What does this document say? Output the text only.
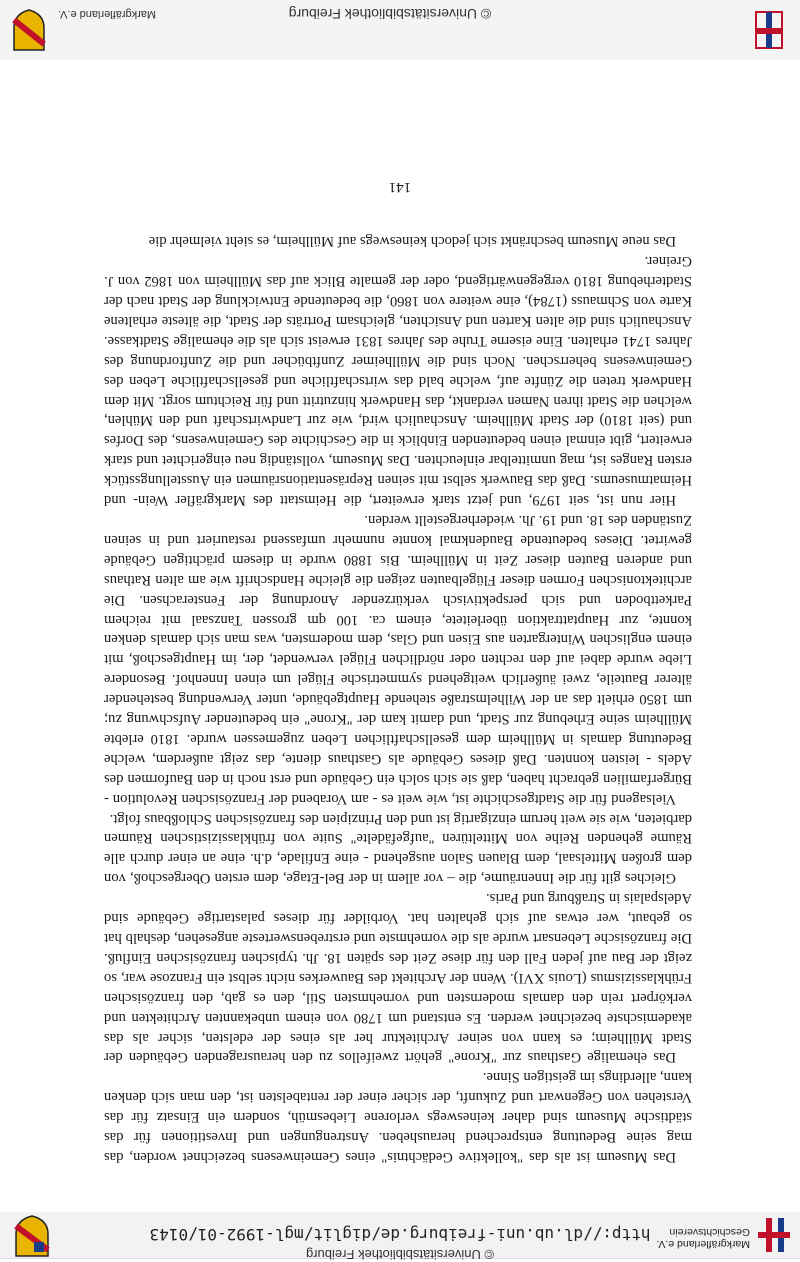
© Universitätsbibliothek Freiburg
Markgräflerland e.V.

Das Museum ist als das "kollektive Gedächtnis" eines Gemeinwesens bezeichnet worden, das mag seine Bedeutung entsprechend herausheben. Anstrengungen und Investitionen für das städtische Museum sind daher keineswegs verlorene Liebesmüh, sondern ein Einsatz für das Verstehen von Gegenwart und Zukunft, der sicher einer der rentabelsten ist, den man sich denken kann, allerdings im geistigen Sinne.

Das ehemalige Gasthaus zur "Krone" gehört zweifellos zu den herausragenden Gebäuden der Stadt Müllheim; es kann von seiner Architektur her als eines der edelsten, sicher als das akademischste bezeichnet werden. Es entstand um 1780 von einem unbekannten Architekten und verkörpert rein den damals modernsten und vornehmsten Stil, den es gab, den französischen Frühklassizismus (Louis XVI). Wenn der Architekt des Bauwerkes nicht selbst ein Franzose war, so zeigt der Bau auf jeden Fall den für diese Zeit des späten 18. Jh. typischen französischen Einfluß. Die französische Lebensart wurde als die vornehmste und erstrebenswerteste angesehen, deshalb hat so gebaut, wer etwas auf sich gehalten hat. Vorbilder für dieses palastartige Gebäude sind Adelspalais in Straßburg und Paris.

Gleiches gilt für die Innenräume, die – vor allem in der Bel-Etage, dem ersten Obergeschoß, von dem großen Mittelsaal, dem Blauen Salon ausgehend - eine Enfilade, d.h. eine an einer durch alle Räume gehenden Reihe von Mitteltüren "aufgefädelte" Suite von frühklassizistischen Räumen darbieten, wie sie weit herum einzigartig ist und den Prinzipien des französischen Schloßbaus folgt.

Vielsagend für die Stadtgeschichte ist, wie weit es - am Vorabend der Französischen Revolution - Bürgerfamilien gebracht haben, daß sie sich solch ein Gebäude und erst noch in den Bauformen des Adels - leisten konnten. Daß dieses Gebäude als Gasthaus diente, das zeigt außerdem, welche Bedeutung damals in Müllheim dem gesellschaftlichen Leben zugemessen wurde. 1810 erlebte Müllheim seine Erhebung zur Stadt, und damit kam der "Krone" ein bedeutender Aufschwung zu; um 1850 erhielt das an der Wilhelmstraße stehende Hauptgebäude, unter Verwendung bestehender älterer Bauteile, zwei äußerlich weitgehend symmetrische Flügel um einen Innenhof. Besondere Liebe wurde dabei auf den rechten oder nördlichen Flügel verwendet, der, im Hauptgeschoß, mit einem englischen Wintergarten aus Eisen und Glas, dem modernsten, was man sich damals denken konnte, zur Hauptattraktion überleitete, einem ca. 100 qm grossen Tanzsaal mit reichem Parkettboden und sich perspektivisch verkürzender Anordnung der Fensterachsen. Die architektonischen Formen dieser Flügelbauten zeigen die gleiche Handschrift wie am alten Rathaus und anderen Bauten dieser Zeit in Müllheim. Bis 1880 wurde in diesem prächtigen Gebäude gewirtet. Dieses bedeutende Baudenkmal konnte nunmehr umfassend restauriert und in seinen Zuständen des 18. und 19. Jh. wiederhergestellt werden.

Hier nun ist, seit 1979, und jetzt stark erweitert, die Heimstatt des Markgräfler Wein- und Heimatmuseums. Daß das Bauwerk selbst mit seinen Repräsentationsräumen ein Ausstellungsstück ersten Ranges ist, mag unmittelbar einleuchten. Das Museum, vollständig neu eingerichtet und stark erweitert, gibt einmal einen bedeutenden Einblick in die Geschichte des Gemeinwesens, des Dorfes und (seit 1810) der Stadt Müllheim. Anschaulich wird, wie zur Landwirtschaft und den Mühlen, welchen die Stadt ihren Namen verdankt, das Handwerk hinzutritt und für Reichtum sorgt. Mit dem Handwerk treten die Zünfte auf, welche bald das wirtschaftliche und gesellschaftliche Leben des Gemeinwesens beherrschen. Noch sind die Müllheimer Zunftbücher und die Zunftordnung des Jahres 1741 erhalten. Eine eiserne Truhe des Jahres 1831 erweist sich als die ehemalige Stadtkasse. Anschaulich sind die alten Karten und Ansichten, gleichsam Porträts der Stadt, die älteste erhaltene Karte von Schmauss (1784), eine weitere von 1860, die bedeutende Entwicklung der Stadt nach der Stadterhebung 1810 vergegenwärtigend, oder der gemalte Blick auf das Müllheim von 1862 von J. Greiner.

Das neue Museum beschränkt sich jedoch keineswegs auf Müllheim, es sieht vielmehr die

141
© Universitätsbibliothek Freiburg
http://dl.ub.uni-freiburg.de/diglit/mgl-1992-01/0143 Markgräflerland e.V.
Geschichtsverein
